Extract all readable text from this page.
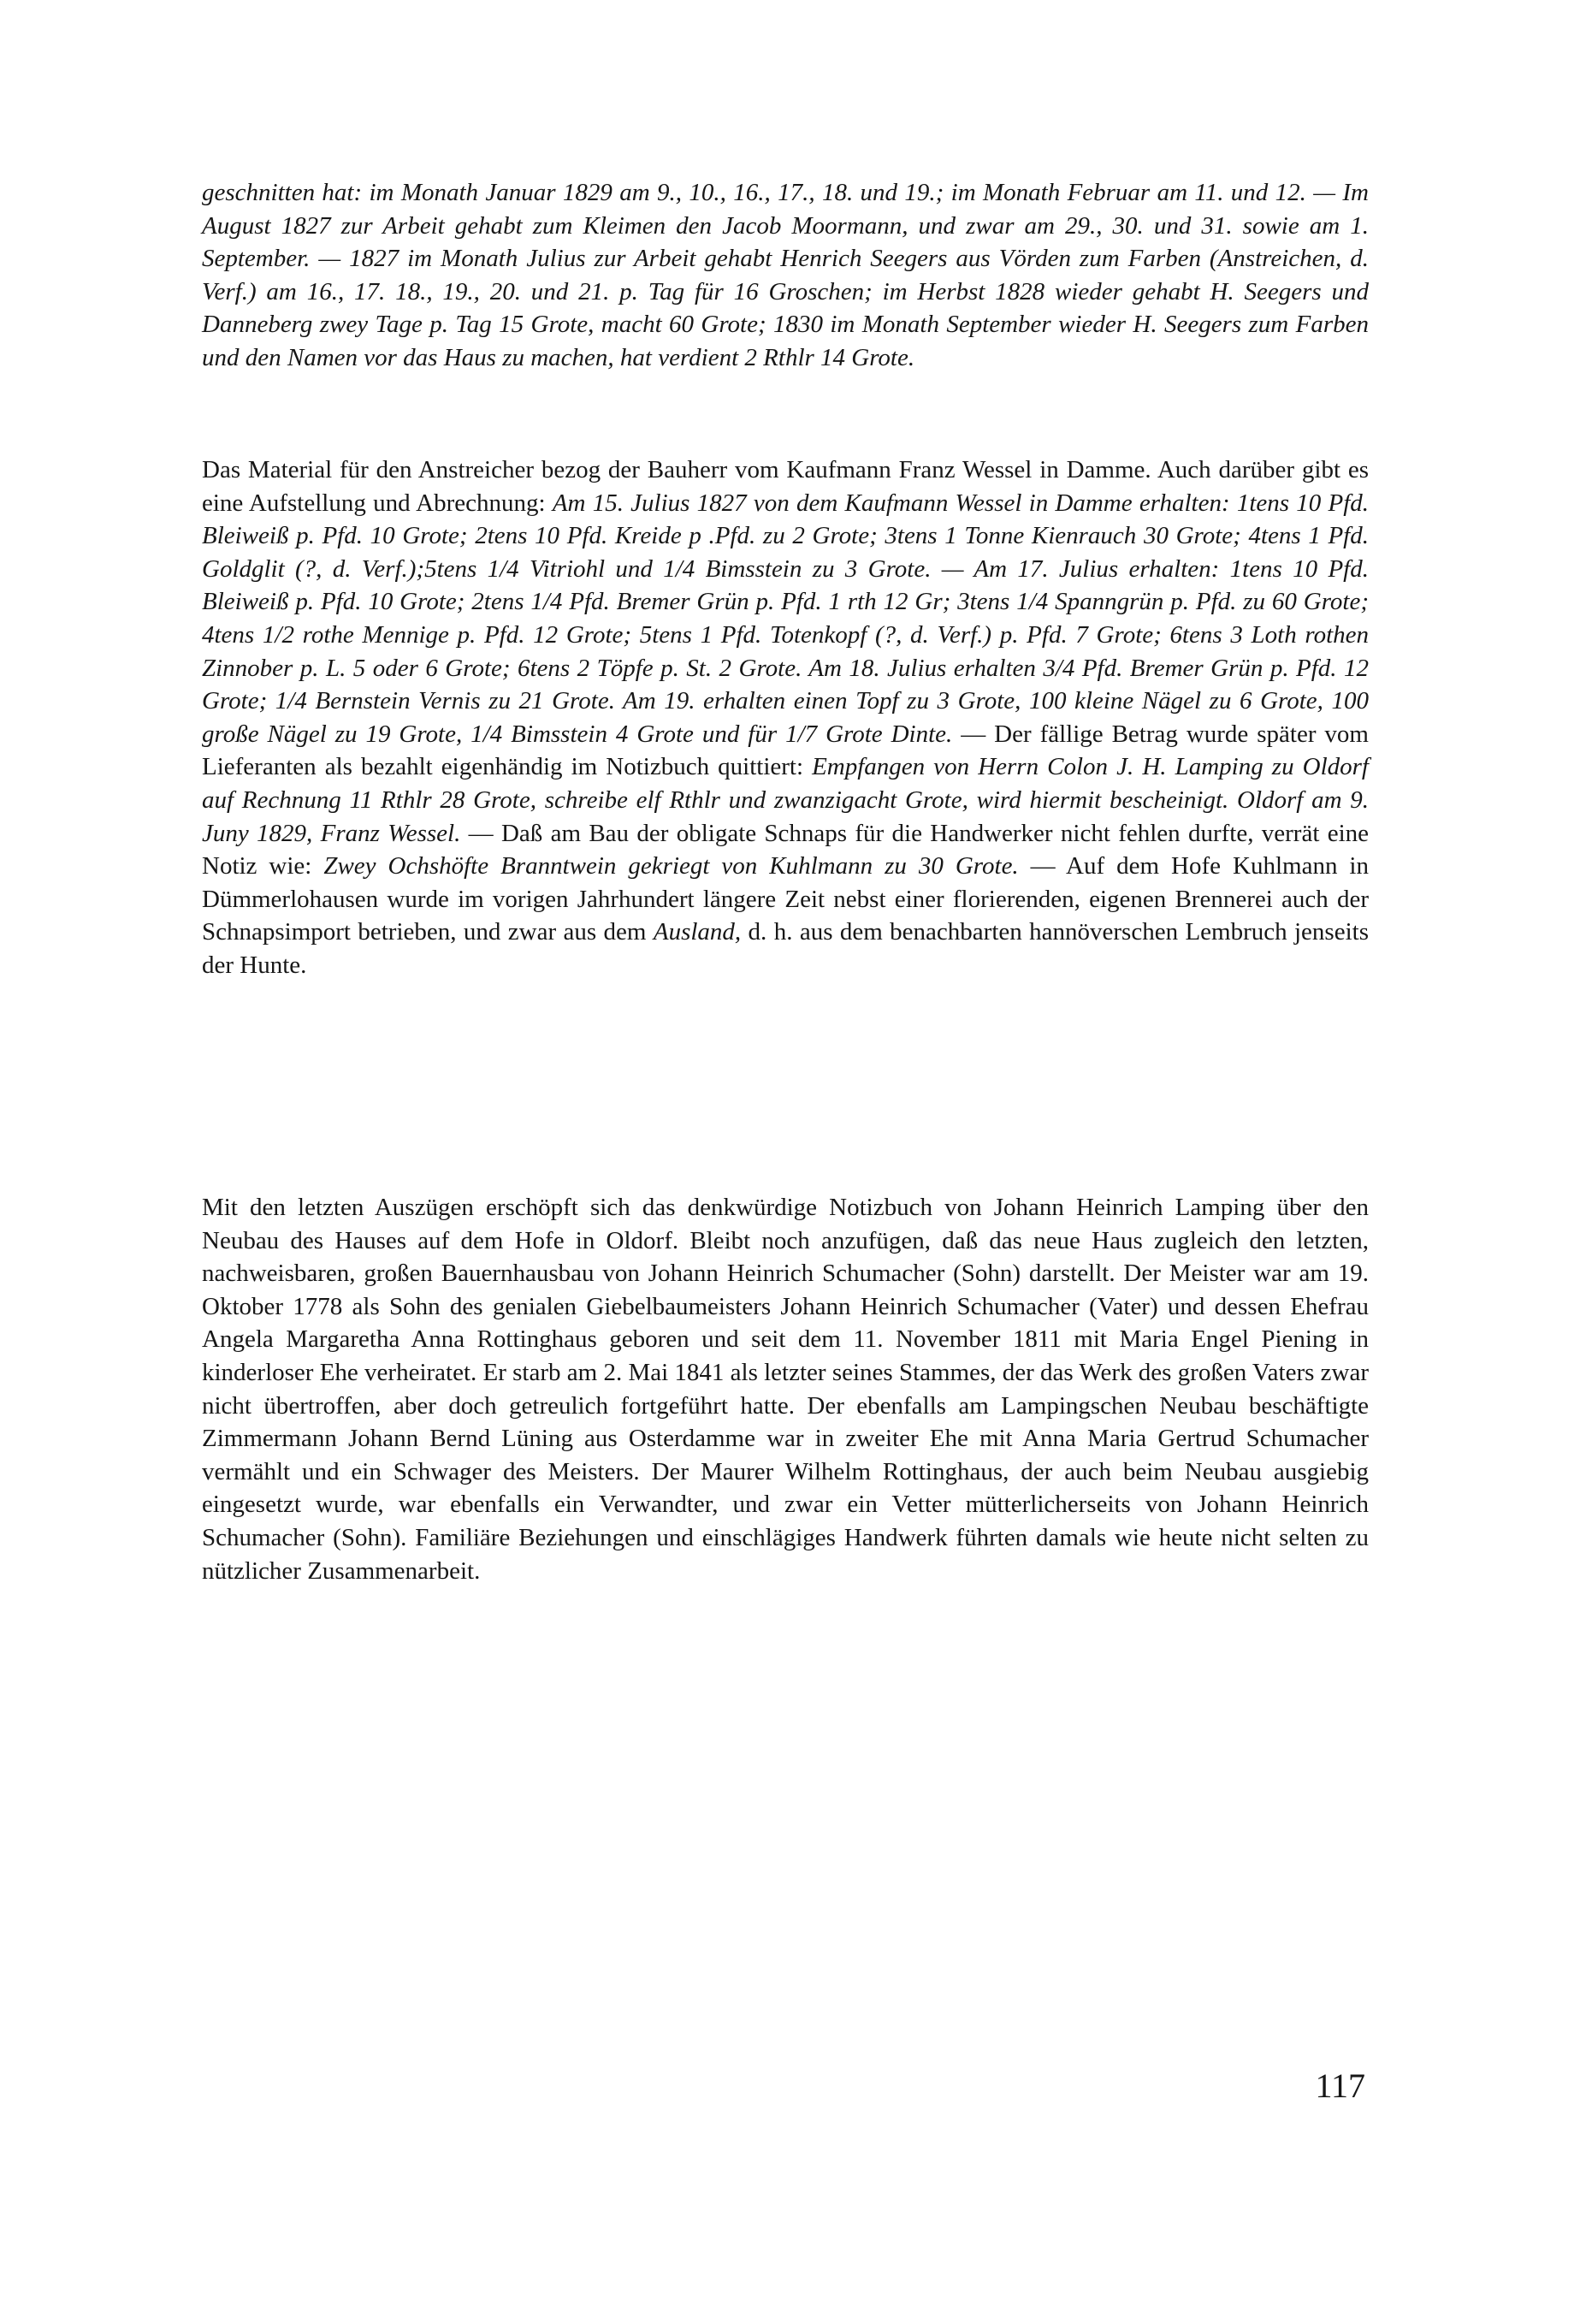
geschnitten hat: im Monath Januar 1829 am 9., 10., 16., 17., 18. und 19.; im Monath Februar am 11. und 12. — Im August 1827 zur Arbeit gehabt zum Kleimen den Jacob Moormann, und zwar am 29., 30. und 31. sowie am 1. September. — 1827 im Monath Julius zur Arbeit gehabt Henrich Seegers aus Vörden zum Farben (Anstreichen, d. Verf.) am 16., 17. 18., 19., 20. und 21. p. Tag für 16 Groschen; im Herbst 1828 wieder gehabt H. Seegers und Danneberg zwey Tage p. Tag 15 Grote, macht 60 Grote; 1830 im Monath September wieder H. Seegers zum Farben und den Namen vor das Haus zu machen, hat verdient 2 Rthlr 14 Grote.

Das Material für den Anstreicher bezog der Bauherr vom Kaufmann Franz Wessel in Damme. Auch darüber gibt es eine Aufstellung und Abrechnung: Am 15. Julius 1827 von dem Kaufmann Wessel in Damme erhalten: 1tens 10 Pfd. Bleiweiß p. Pfd. 10 Grote; 2tens 10 Pfd. Kreide p .Pfd. zu 2 Grote; 3tens 1 Tonne Kienrauch 30 Grote; 4tens 1 Pfd. Goldglit (?, d. Verf.);5tens 1/4 Vitriohl und 1/4 Bimsstein zu 3 Grote. — Am 17. Julius erhalten: 1tens 10 Pfd. Bleiweiß p. Pfd. 10 Grote; 2tens 1/4 Pfd. Bremer Grün p. Pfd. 1 rth 12 Gr; 3tens 1/4 Spanngrün p. Pfd. zu 60 Grote; 4tens 1/2 rothe Mennige p. Pfd. 12 Grote; 5tens 1 Pfd. Totenkopf (?, d. Verf.) p. Pfd. 7 Grote; 6tens 3 Loth rothen Zinnober p. L. 5 oder 6 Grote; 6tens 2 Töpfe p. St. 2 Grote. Am 18. Julius erhalten 3/4 Pfd. Bremer Grün p. Pfd. 12 Grote; 1/4 Bernstein Vernis zu 21 Grote. Am 19. erhalten einen Topf zu 3 Grote, 100 kleine Nägel zu 6 Grote, 100 große Nägel zu 19 Grote, 1/4 Bimsstein 4 Grote und für 1/7 Grote Dinte. — Der fällige Betrag wurde später vom Lieferanten als bezahlt eigenhändig im Notizbuch quittiert: Empfangen von Herrn Colon J. H. Lamping zu Oldorf auf Rechnung 11 Rthlr 28 Grote, schreibe elf Rthlr und zwanzigacht Grote, wird hiermit bescheinigt. Oldorf am 9. Juny 1829, Franz Wessel. — Daß am Bau der obligate Schnaps für die Handwerker nicht fehlen durfte, verrät eine Notiz wie: Zwey Ochshöfte Branntwein gekriegt von Kuhlmann zu 30 Grote. — Auf dem Hofe Kuhlmann in Dümmerlohausen wurde im vorigen Jahrhundert längere Zeit nebst einer florierenden, eigenen Brennerei auch der Schnapsimport betrieben, und zwar aus dem Ausland, d. h. aus dem benachbarten hannöverschen Lembruch jenseits der Hunte.

Mit den letzten Auszügen erschöpft sich das denkwürdige Notizbuch von Johann Heinrich Lamping über den Neubau des Hauses auf dem Hofe in Oldorf. Bleibt noch anzufügen, daß das neue Haus zugleich den letzten, nachweisbaren, großen Bauernhausbau von Johann Heinrich Schumacher (Sohn) darstellt. Der Meister war am 19. Oktober 1778 als Sohn des genialen Giebelbaumeisters Johann Heinrich Schumacher (Vater) und dessen Ehefrau Angela Margaretha Anna Rottinghaus geboren und seit dem 11. November 1811 mit Maria Engel Piening in kinderloser Ehe verheiratet. Er starb am 2. Mai 1841 als letzter seines Stammes, der das Werk des großen Vaters zwar nicht übertroffen, aber doch getreulich fortgeführt hatte. Der ebenfalls am Lampingschen Neubau beschäftigte Zimmermann Johann Bernd Lüning aus Osterdamme war in zweiter Ehe mit Anna Maria Gertrud Schumacher vermählt und ein Schwager des Meisters. Der Maurer Wilhelm Rottinghaus, der auch beim Neubau ausgiebig eingesetzt wurde, war ebenfalls ein Verwandter, und zwar ein Vetter mütterlicherseits von Johann Heinrich Schumacher (Sohn). Familiäre Beziehungen und einschlägiges Handwerk führten damals wie heute nicht selten zu nützlicher Zusammenarbeit.

117
